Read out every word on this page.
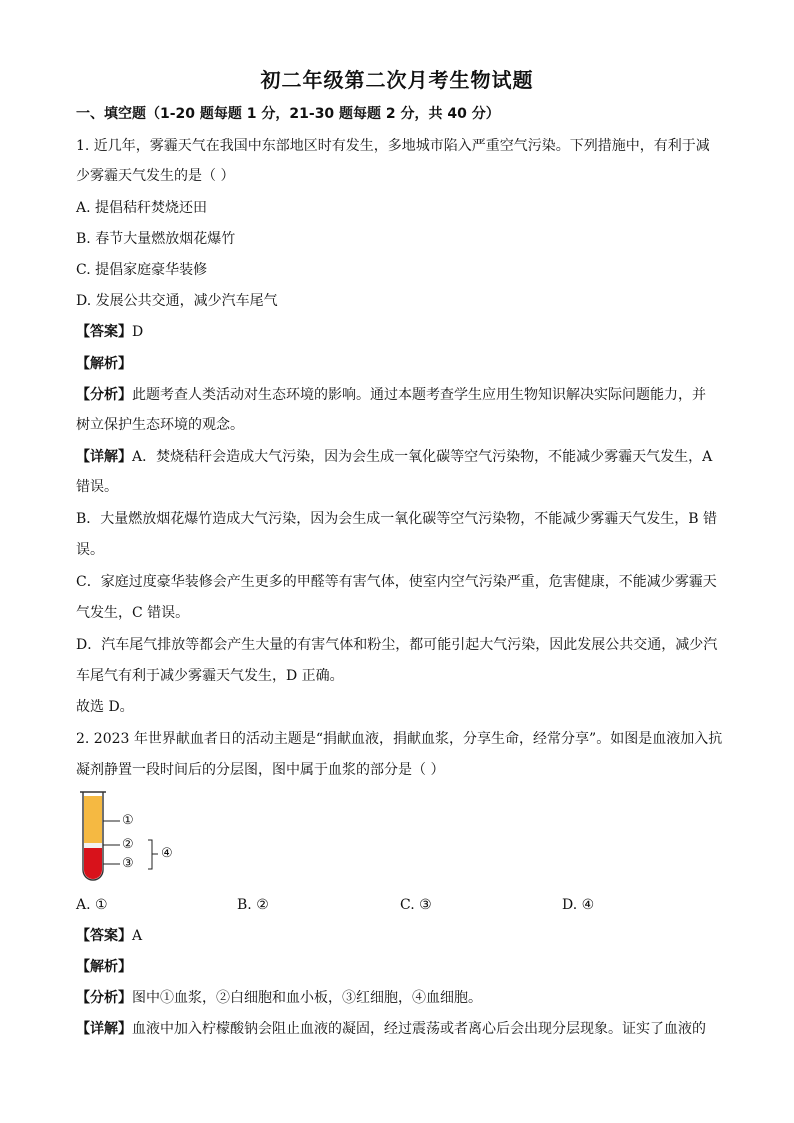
初二年级第二次月考生物试题
一、填空题（1-20 题每题 1 分，21-30 题每题 2 分，共 40 分）
1. 近几年，雾霾天气在我国中东部地区时有发生，多地城市陷入严重空气污染。下列措施中，有利于减
少雾霾天气发生的是（ ）
A. 提倡秸秆焚烧还田
B. 春节大量燃放烟花爆竹
C. 提倡家庭豪华装修
D. 发展公共交通，减少汽车尾气
【答案】D
【解析】
【分析】此题考查人类活动对生态环境的影响。通过本题考查学生应用生物知识解决实际问题能力，并
树立保护生态环境的观念。
【详解】A．焚烧秸秆会造成大气污染，因为会生成一氧化碳等空气污染物，不能减少雾霾天气发生，A
错误。
B．大量燃放烟花爆竹造成大气污染，因为会生成一氧化碳等空气污染物，不能减少雾霾天气发生，B 错
误。
C．家庭过度豪华装修会产生更多的甲醛等有害气体，使室内空气污染严重，危害健康，不能减少雾霾天
气发生，C 错误。
D．汽车尾气排放等都会产生大量的有害气体和粉尘，都可能引起大气污染，因此发展公共交通，减少汽
车尾气有利于减少雾霾天气发生，D 正确。
故选 D。
2. 2023 年世界献血者日的活动主题是“捐献血液，捐献血浆，分享生命，经常分享”。如图是血液加入抗
凝剂静置一段时间后的分层图，图中属于血浆的部分是（ ）
①
②
③
④
A. ①	B. ②	C. ③	D. ④
【答案】A
【解析】
【分析】图中①血浆，②白细胞和血小板，③红细胞，④血细胞。
【详解】血液中加入柠檬酸钠会阻止血液的凝固，经过震荡或者离心后会出现分层现象。证实了血液的
